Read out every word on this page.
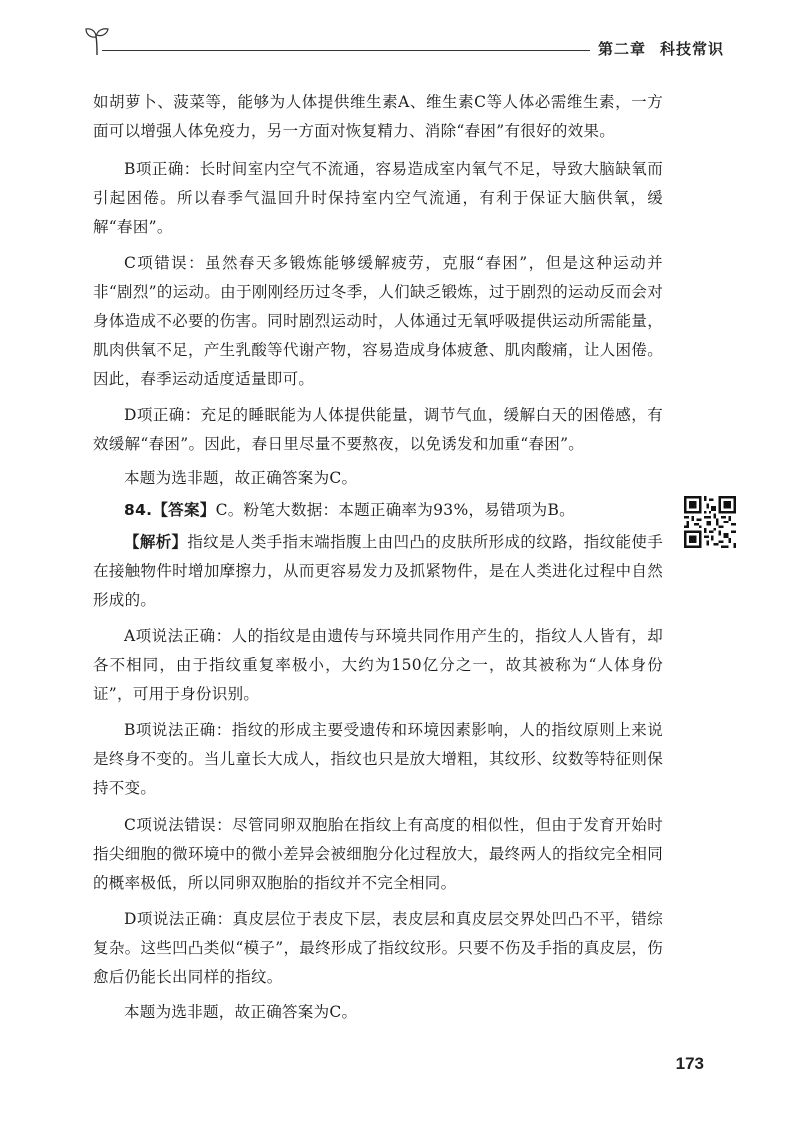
第二章 科技常识
如胡萝卜、菠菜等，能够为人体提供维生素A、维生素C等人体必需维生素，一方面可以增强人体免疫力，另一方面对恢复精力、消除“春困”有很好的效果。
B项正确：长时间室内空气不流通，容易造成室内氧气不足，导致大脑缺氧而引起困倦。所以春季气温回升时保持室内空气流通，有利于保证大脑供氧，缓解“春困”。
C项错误：虽然春天多锻炼能够缓解疲劳，克服“春困”，但是这种运动并非“剧烈”的运动。由于刚刚经历过冬季，人们缺乏锻炼，过于剧烈的运动反而会对身体造成不必要的伤害。同时剧烈运动时，人体通过无氧呼吸提供运动所需能量，肌肉供氧不足，产生乳酸等代谢产物，容易造成身体疲惫、肌肉酸痛，让人困倦。因此，春季运动适度适量即可。
D项正确：充足的睡眠能为人体提供能量，调节气血，缓解白天的困倦感，有效缓解“春困”。因此，春日里尽量不要熬夜，以免诱发和加重“春困”。
本题为选非题，故正确答案为C。
84.【答案】C。粉笔大数据：本题正确率为93%，易错项为B。
【解析】指纹是人类手指末端指腹上由凹凸的皮肤所形成的纹路，指纹能使手在接触物件时增加摩擦力，从而更容易发力及抓紧物件，是在人类进化过程中自然形成的。
A项说法正确：人的指纹是由遗传与环境共同作用产生的，指纹人人皆有，却各不相同，由于指纹重复率极小，大约为150亿分之一，故其被称为“人体身份证”，可用于身份识别。
B项说法正确：指纹的形成主要受遗传和环境因素影响，人的指纹原则上来说是终身不变的。当儿童长大成人，指纹也只是放大增粗，其纹形、纹数等特征则保持不变。
C项说法错误：尽管同卵双胞胎在指纹上有高度的相似性，但由于发育开始时指尖细胞的微环境中的微小差异会被细胞分化过程放大，最终两人的指纹完全相同的概率极低，所以同卵双胞胎的指纹并不完全相同。
D项说法正确：真皮层位于表皮下层，表皮层和真皮层交界处凹凸不平，错综复杂。这些凹凸类似“模子”，最终形成了指纹纹形。只要不伤及手指的真皮层，伤愈后仍能长出同样的指纹。
本题为选非题，故正确答案为C。
173
